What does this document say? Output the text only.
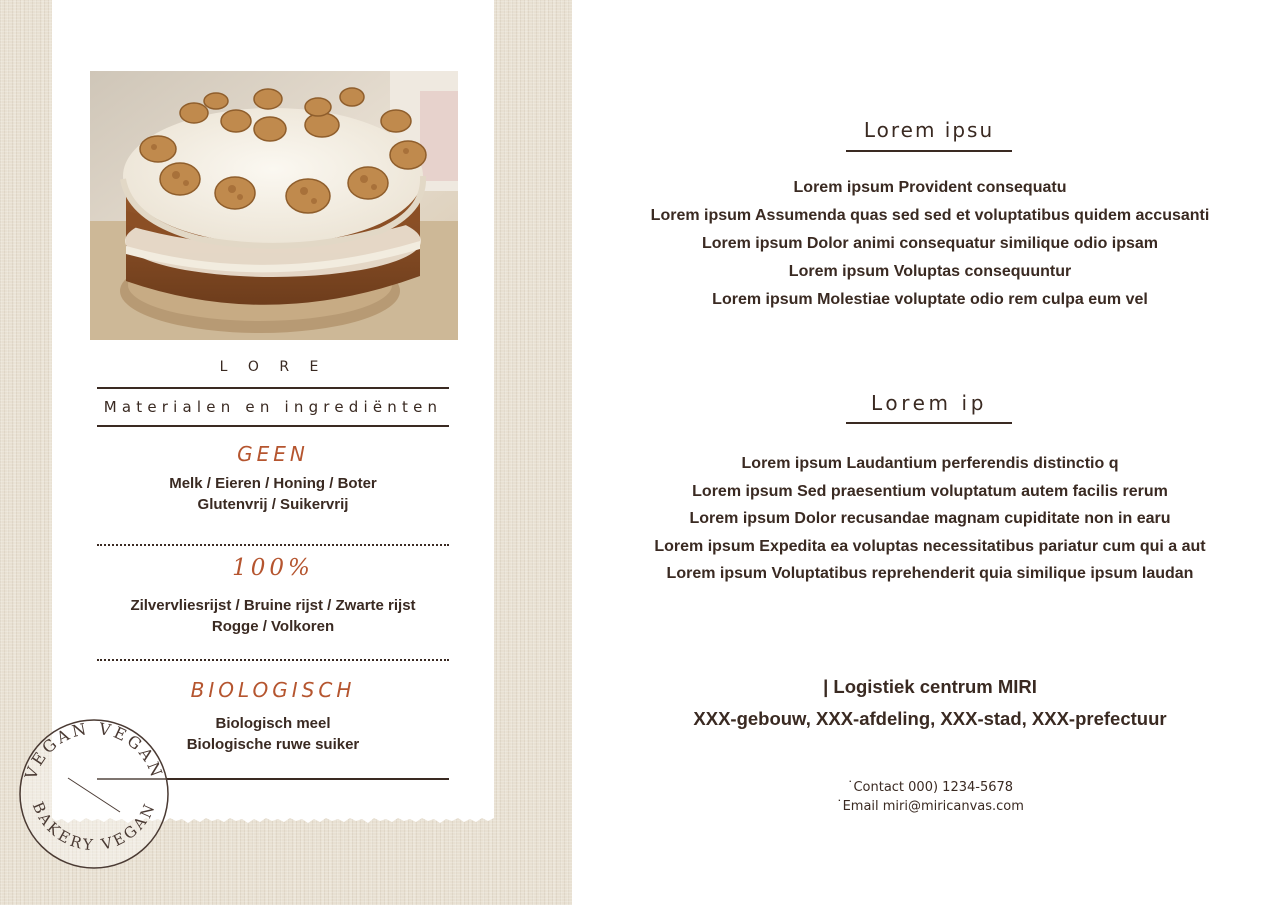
L O R E
Materialen en ingrediënten
GEEN
Melk / Eieren / Honing / Boter
Glutenvrij / Suikervrij
100%
Zilvervliesrijst / Bruine rijst / Zwarte rijst
Rogge / Volkoren
BIOLOGISCH
Biologisch meel
Biologische ruwe suiker
VEGAN VEGAN
BAKERY VEGAN
Lorem ipsu
Lorem ipsum Provident consequatu
Lorem ipsum Assumenda quas sed sed et voluptatibus quidem accusanti
Lorem ipsum Dolor animi consequatur similique odio ipsam
Lorem ipsum Voluptas consequuntur
Lorem ipsum Molestiae voluptate odio rem culpa eum vel
Lorem ip
Lorem ipsum Laudantium perferendis distinctio q
Lorem ipsum Sed praesentium voluptatum autem facilis rerum
Lorem ipsum Dolor recusandae magnam cupiditate non in earu
Lorem ipsum Expedita ea voluptas necessitatibus pariatur cum qui a aut
Lorem ipsum Voluptatibus reprehenderit quia similique ipsum laudan
| Logistiek centrum MIRI
XXX-gebouw, XXX-afdeling, XXX-stad, XXX-prefectuur
˙Contact 000) 1234-5678
˙Email miri@miricanvas.com
